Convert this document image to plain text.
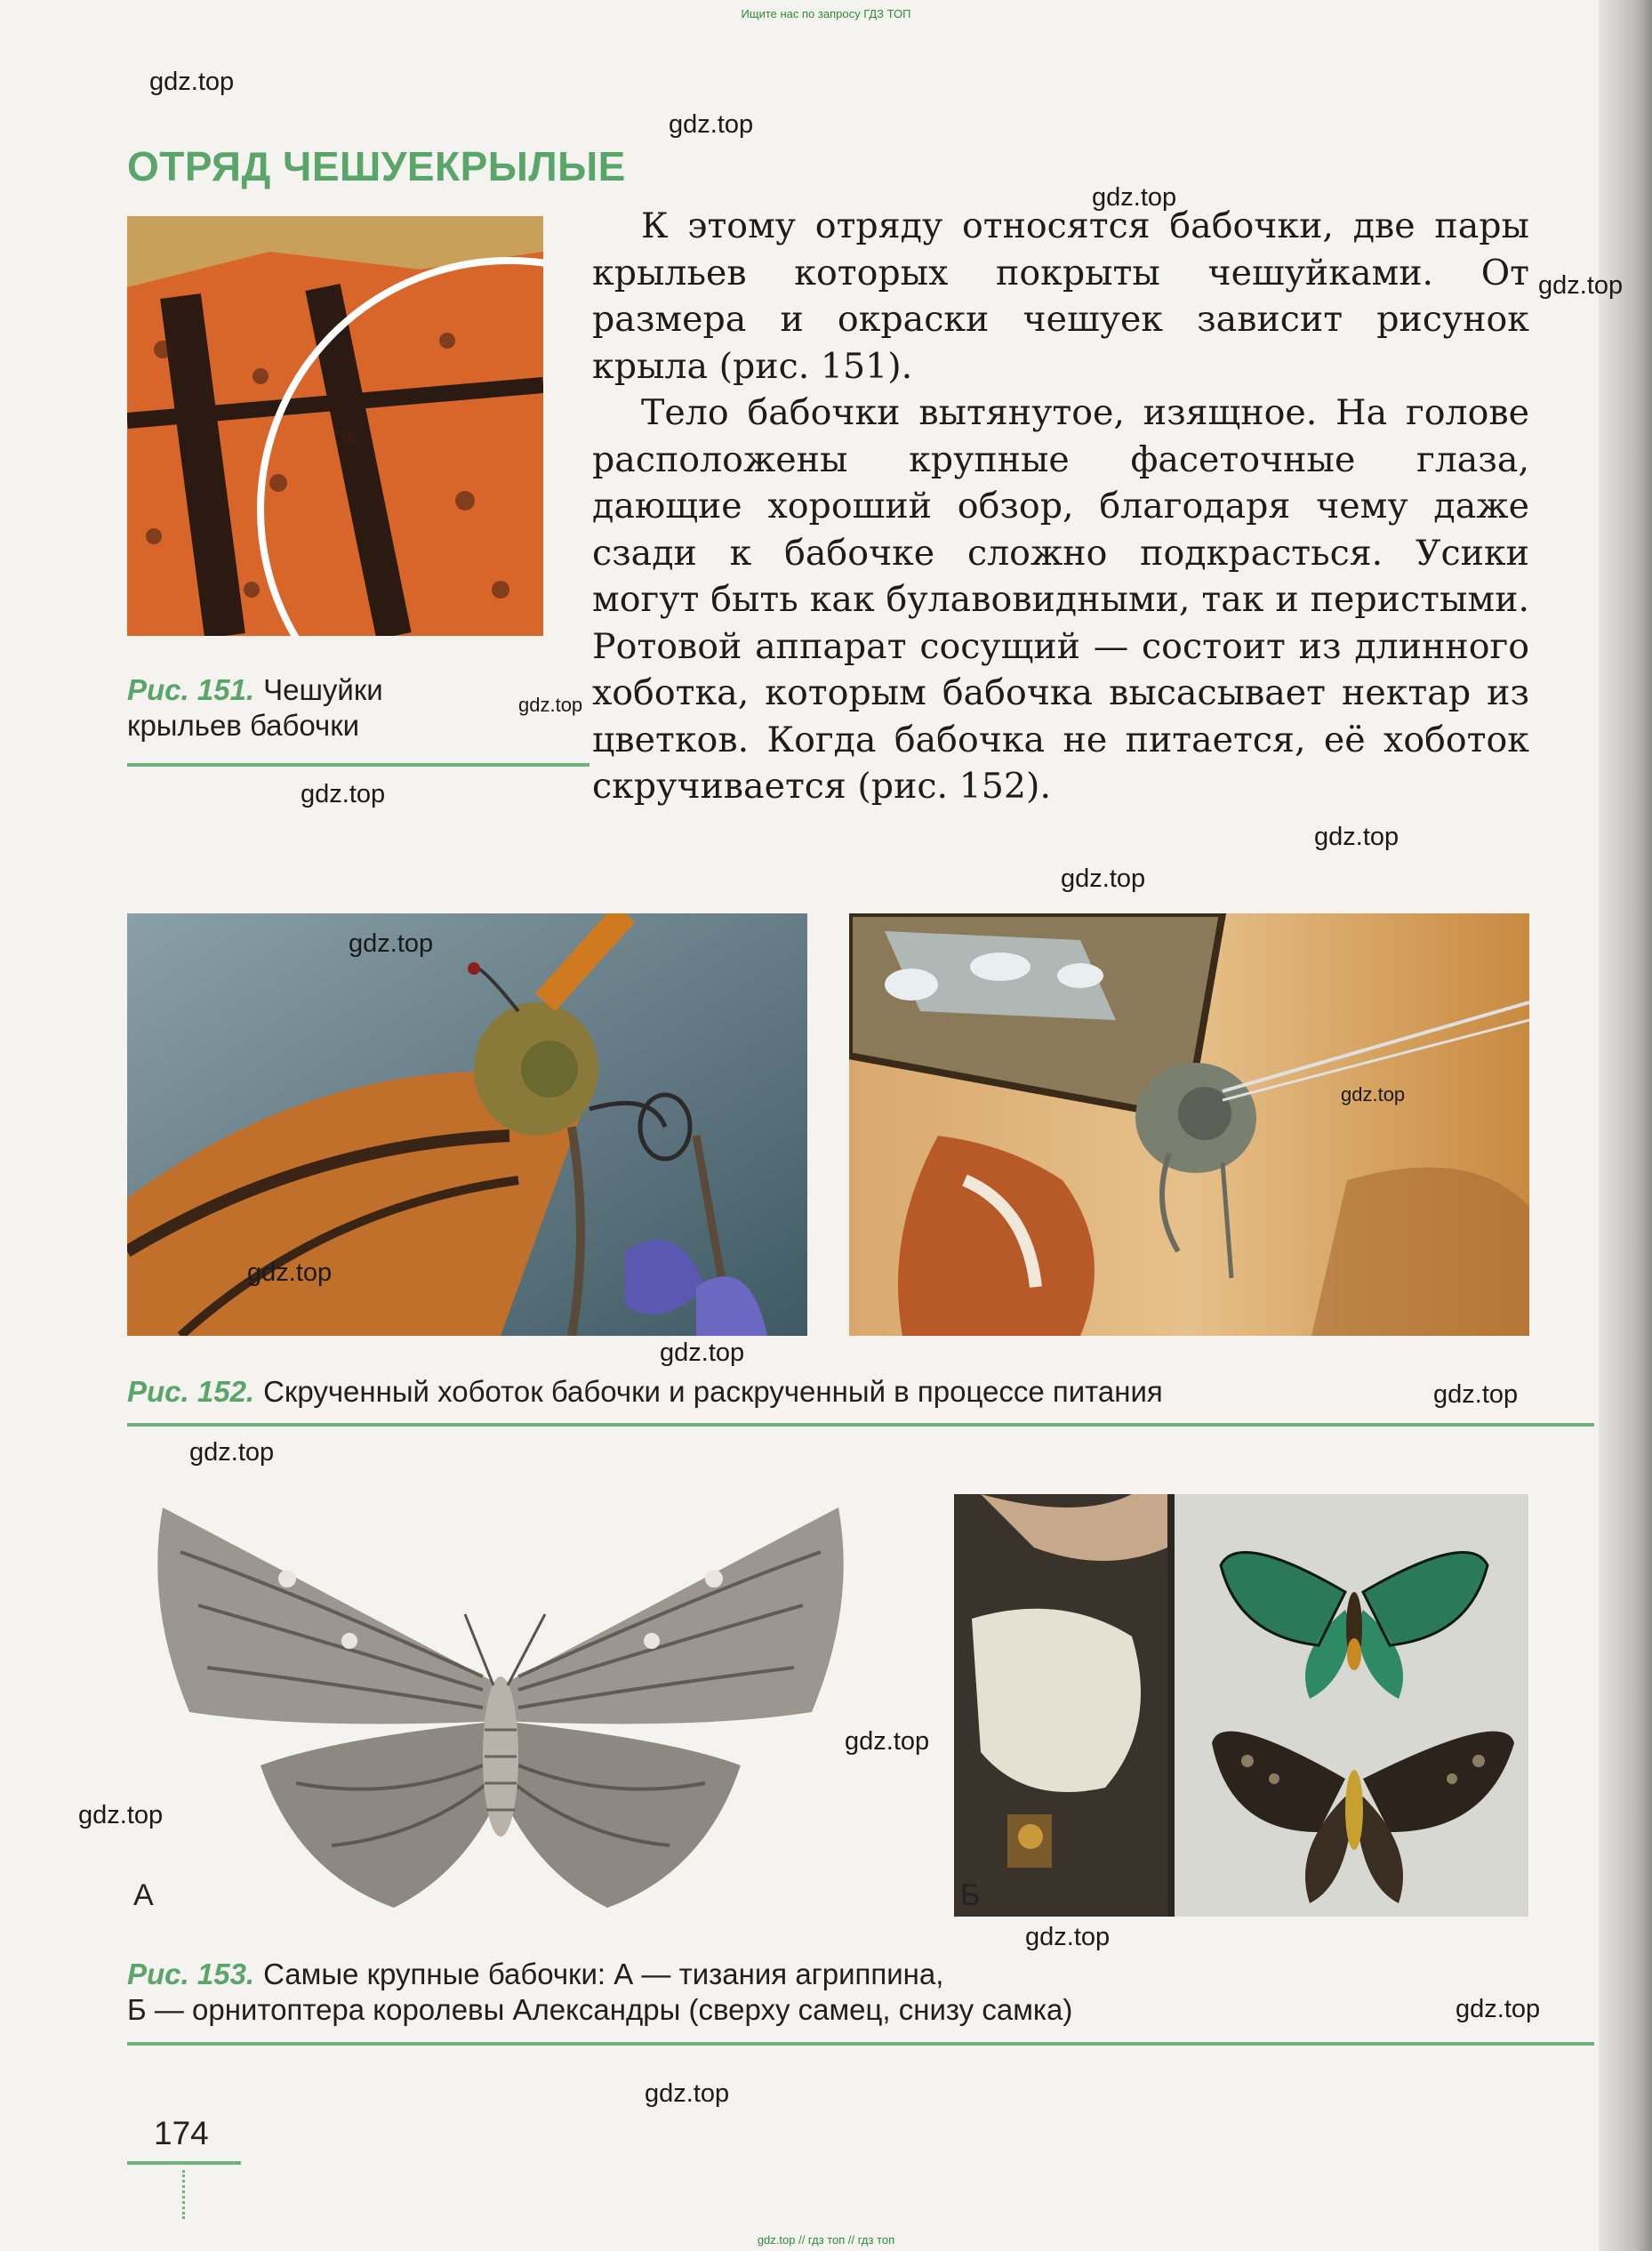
Ищите нас по запросу ГДЗ ТОП
ОТРЯД ЧЕШУЕКРЫЛЫЕ

К этому отряду относятся бабочки, две пары крыльев которых покрыты чешуйками. От размера и окраски чешуек зависит рисунок крыла (рис. 151).

Тело бабочки вытянутое, изящное. На голове расположены крупные фасеточные глаза, дающие хороший обзор, благодаря чему даже сзади к бабочке сложно подкрасться. Усики могут быть как булавовидными, так и перистыми. Ротовой аппарат сосущий — состоит из длинного хоботка, которым бабочка высасывает нектар из цветков. Когда бабочка не питается, её хоботок скручивается (рис. 152).

Рис. 151. Чешуйки крыльев бабочки
Рис. 152. Скрученный хоботок бабочки и раскрученный в процессе питания
А	Б
Рис. 153. Самые крупные бабочки: А — тизания агриппина,
Б — орнитоптера королевы Александры (сверху самец, снизу самка)
174
gdz.top
gdz.top
gdz.top
gdz.top
gdz.top
gdz.top
gdz.top
gdz.top
gdz.top
gdz.top
gdz.top
gdz.top
gdz.top
gdz.top
gdz.top
gdz.top
gdz.top
gdz.top
gdz.top
gdz.top // гдз топ // гдз топ
